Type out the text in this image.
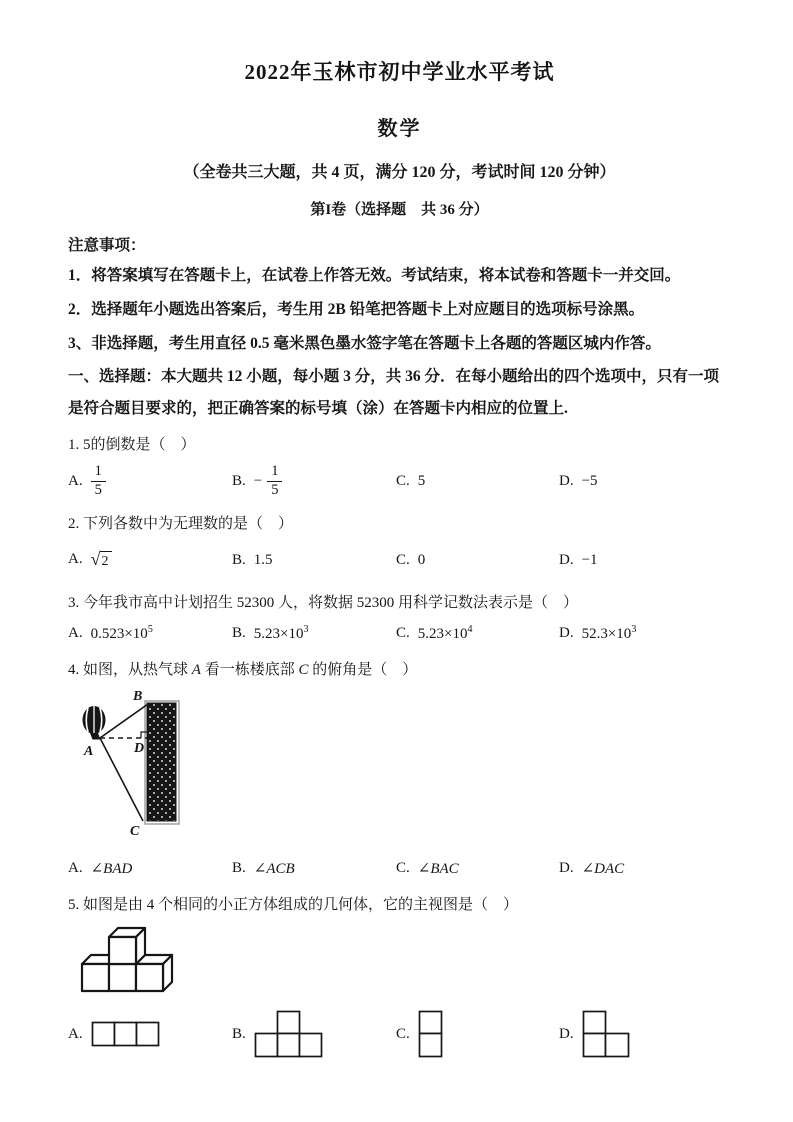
2022年玉林市初中学业水平考试
数学
（全卷共三大题，共 4 页，满分 120 分，考试时间 120 分钟）
第I卷（选择题　共 36 分）
注意事项：
1．将答案填写在答题卡上，在试卷上作答无效。考试结束，将本试卷和答题卡一并交回。
2．选择题年小题选出答案后，考生用 2B 铅笔把答题卡上对应题目的选项标号涂黑。
3、非选择题，考生用直径 0.5 毫米黑色墨水签字笔在答题卡上各题的答题区城内作答。
一、选择题：本大题共 12 小题，每小题 3 分，共 36 分．在每小题给出的四个选项中，只有一项是符合题目要求的，把正确答案的标号填（涂）在答题卡内相应的位置上.
1. 5的倒数是（　）
A. $\frac{1}{5}$	B. − $\frac{1}{5}$	C. 5	D. −5
2. 下列各数中为无理数的是（　）
A. √ 2	B. 1.5	C. 0	D. −1
3. 今年我市高中计划招生 52300 人，将数据 52300 用科学记数法表示是（　）
A. $0.523\times 10^5$	B. $5.23\times 10^3$	C. $5.23\times 10^4$	D. $52.3\times 10^3$
4. 如图，从热气球 A 看一栋楼底部 C 的俯角是（　）
A
B
C
D
A. ∠BAD	B. ∠ACB	C. ∠BAC	D. ∠DAC
5. 如图是由 4 个相同的小正方体组成的几何体，它的主视图是（　）
A.	B.	C.	D.
